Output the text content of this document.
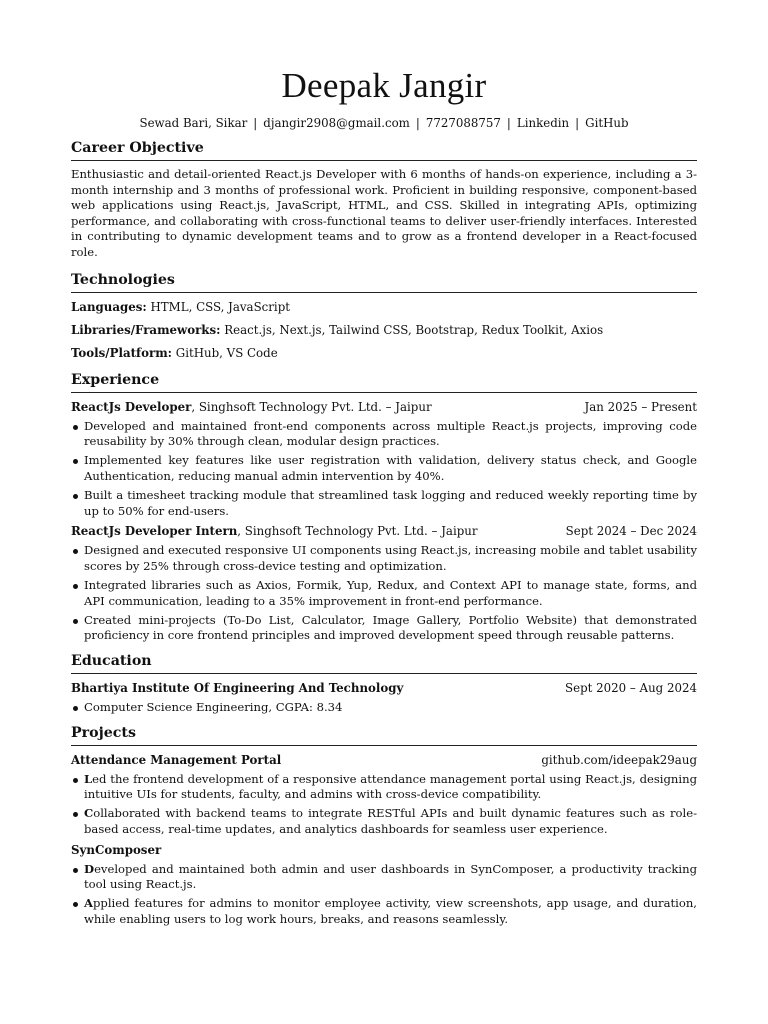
Deepak Jangir
Sewad Bari, Sikar | djangir2908@gmail.com | 7727088757 | Linkedin | GitHub
Career Objective
Enthusiastic and detail-oriented React.js Developer with 6 months of hands-on experience, including a 3-month internship and 3 months of professional work. Proficient in building responsive, component-based web applications using React.js, JavaScript, HTML, and CSS. Skilled in integrating APIs, optimizing performance, and collaborating with cross-functional teams to deliver user-friendly interfaces. Interested in contributing to dynamic development teams and to grow as a frontend developer in a React-focused role.
Technologies
Languages: HTML, CSS, JavaScript
Libraries/Frameworks: React.js, Next.js, Tailwind CSS, Bootstrap, Redux Toolkit, Axios
Tools/Platform: GitHub, VS Code
Experience
ReactJs Developer, Singhsoft Technology Pvt. Ltd. – Jaipur	Jan 2025 – Present
Developed and maintained front-end components across multiple React.js projects, improving code reusability by 30% through clean, modular design practices.
Implemented key features like user registration with validation, delivery status check, and Google Authentication, reducing manual admin intervention by 40%.
Built a timesheet tracking module that streamlined task logging and reduced weekly reporting time by up to 50% for end-users.
ReactJs Developer Intern, Singhsoft Technology Pvt. Ltd. – Jaipur	Sept 2024 – Dec 2024
Designed and executed responsive UI components using React.js, increasing mobile and tablet usability scores by 25% through cross-device testing and optimization.
Integrated libraries such as Axios, Formik, Yup, Redux, and Context API to manage state, forms, and API communication, leading to a 35% improvement in front-end performance.
Created mini-projects (To-Do List, Calculator, Image Gallery, Portfolio Website) that demonstrated proficiency in core frontend principles and improved development speed through reusable patterns.
Education
Bhartiya Institute Of Engineering And Technology	Sept 2020 – Aug 2024
Computer Science Engineering, CGPA: 8.34
Projects
Attendance Management Portal	github.com/ideepak29aug
Led the frontend development of a responsive attendance management portal using React.js, designing intuitive UIs for students, faculty, and admins with cross-device compatibility.
Collaborated with backend teams to integrate RESTful APIs and built dynamic features such as role-based access, real-time updates, and analytics dashboards for seamless user experience.
SynComposer
Developed and maintained both admin and user dashboards in SynComposer, a productivity tracking tool using React.js.
Applied features for admins to monitor employee activity, view screenshots, app usage, and duration, while enabling users to log work hours, breaks, and reasons seamlessly.
